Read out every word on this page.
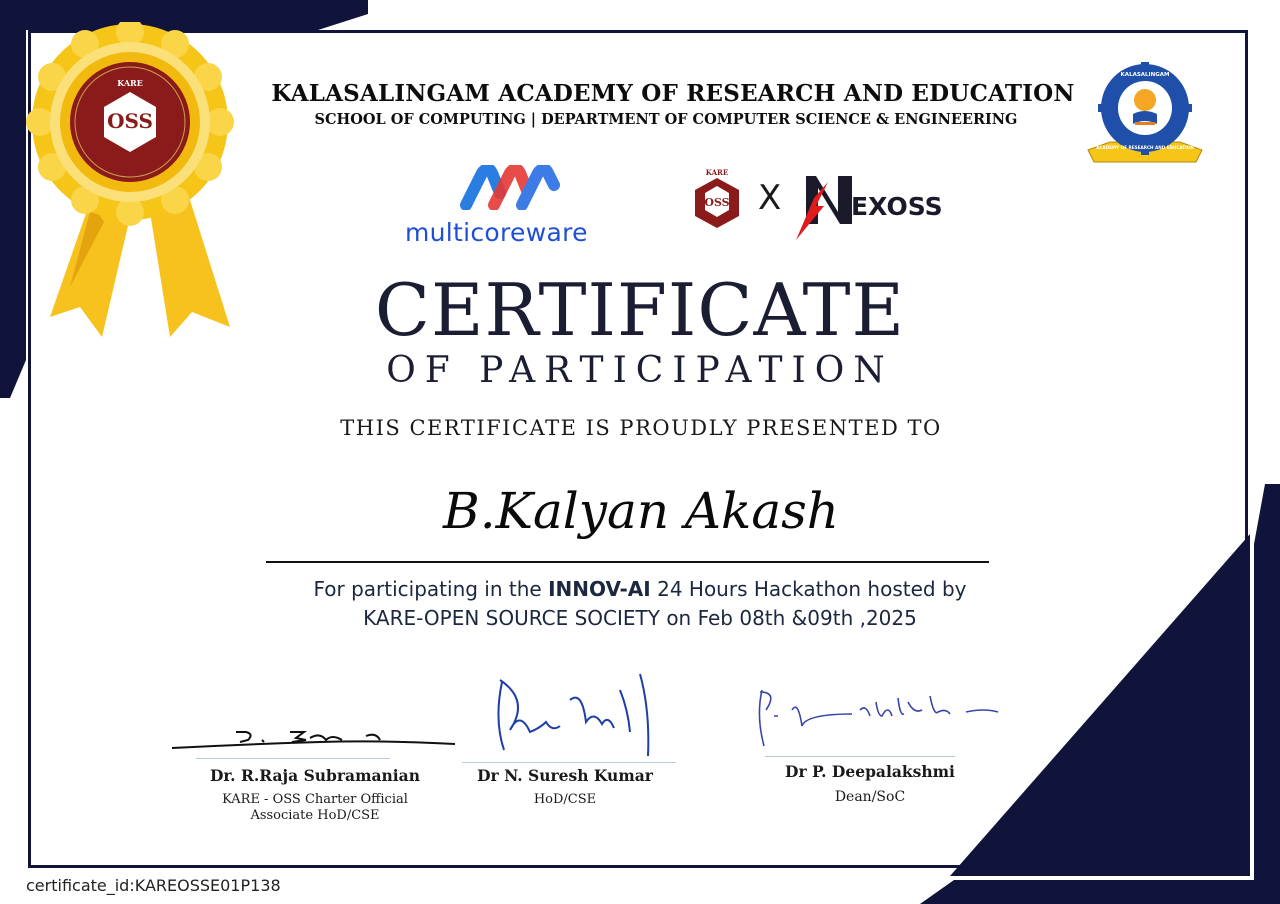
KARE
OSS
KALASALINGAM ACADEMY OF RESEARCH AND EDUCATION
SCHOOL OF COMPUTING | DEPARTMENT OF COMPUTER SCIENCE & ENGINEERING
KALASALINGAM
ACADEMY OF RESEARCH AND EDUCATION
multicoreware
KARE
OSS X	EXOSS
CERTIFICATE
OF PARTICIPATION
THIS CERTIFICATE IS PROUDLY PRESENTED TO
B.Kalyan Akash
For participating in the INNOV-AI 24 Hours Hackathon hosted by KARE-OPEN SOURCE SOCIETY on Feb 08th &09th ,2025
Dr. R.Raja Subramanian
KARE - OSS Charter Official
Associate HoD/CSE
Dr N. Suresh Kumar
HoD/CSE
Dr P. Deepalakshmi
Dean/SoC
certificate_id:KAREOSSE01P138
